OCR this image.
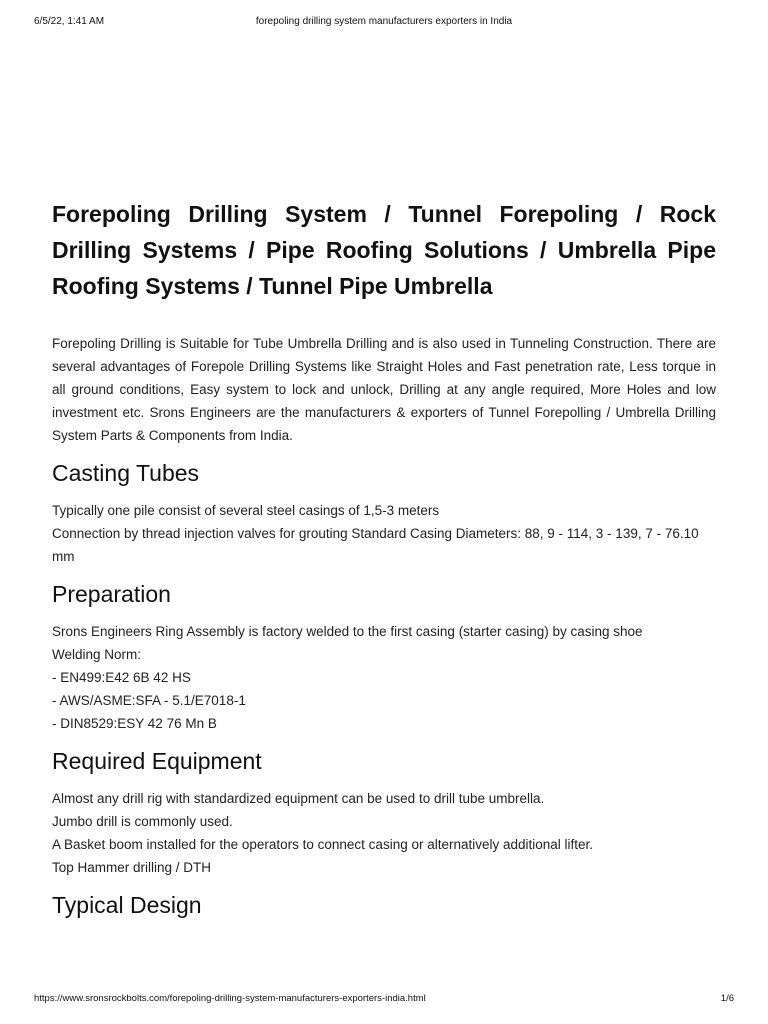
6/5/22, 1:41 AM	forepoling drilling system manufacturers exporters in India
Forepoling Drilling System / Tunnel Forepoling / Rock Drilling Systems / Pipe Roofing Solutions / Umbrella Pipe Roofing Systems / Tunnel Pipe Umbrella

Forepoling Drilling is Suitable for Tube Umbrella Drilling and is also used in Tunneling Construction. There are several advantages of Forepole Drilling Systems like Straight Holes and Fast penetration rate, Less torque in all ground conditions, Easy system to lock and unlock, Drilling at any angle required, More Holes and low investment etc. Srons Engineers are the manufacturers & exporters of Tunnel Forepolling / Umbrella Drilling System Parts & Components from India.

Casting Tubes
Typically one pile consist of several steel casings of 1,5-3 meters
Connection by thread injection valves for grouting Standard Casing Diameters: 88, 9 - 114, 3 - 139, 7 - 76.10 mm
Preparation
Srons Engineers Ring Assembly is factory welded to the first casing (starter casing) by casing shoe
Welding Norm:
- EN499:E42 6B 42 HS
- AWS/ASME:SFA - 5.1/E7018-1
- DIN8529:ESY 42 76 Mn B
Required Equipment
Almost any drill rig with standardized equipment can be used to drill tube umbrella.
Jumbo drill is commonly used.
A Basket boom installed for the operators to connect casing or alternatively additional lifter.
Top Hammer drilling / DTH
Typical Design
https://www.sronsrockbolts.com/forepoling-drilling-system-manufacturers-exporters-india.html	1/6
